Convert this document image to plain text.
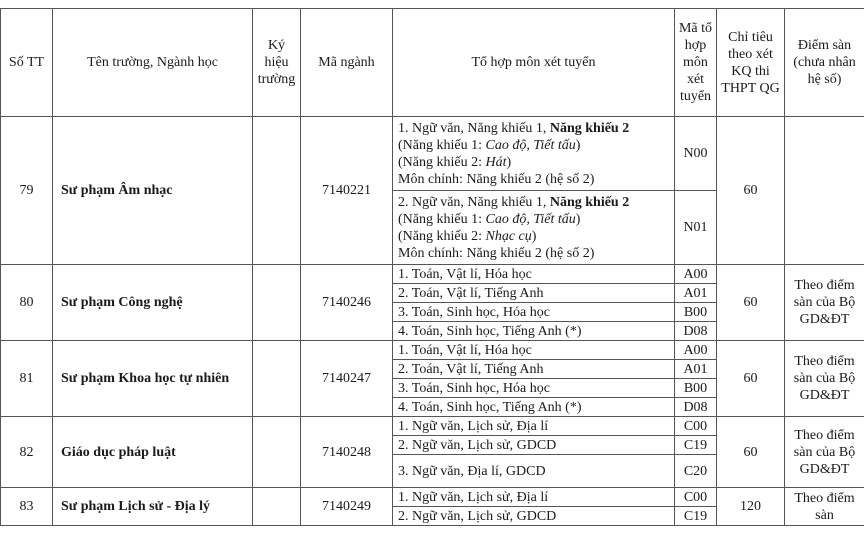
Số TT	Tên trường, Ngành học	Ký hiệu trường	Mã ngành	Tổ hợp môn xét tuyển	Mã tổ hợp môn xét tuyển	Chỉ tiêu theo xét KQ thi THPT QG	Điểm sàn (chưa nhân hệ số)
79	Sư phạm Âm nhạc		7140221	1. Ngữ văn, Năng khiếu 1, Năng khiếu 2
(Năng khiếu 1: Cao độ, Tiết tấu)
(Năng khiếu 2: Hát)
Môn chính: Năng khiếu 2 (hệ số 2)	N00	60	

				2. Ngữ văn, Năng khiếu 1, Năng khiếu 2
(Năng khiếu 1: Cao độ, Tiết tấu)
(Năng khiếu 2: Nhạc cụ)
Môn chính: Năng khiếu 2 (hệ số 2)	N01		
80	Sư phạm Công nghệ		7140246	1. Toán, Vật lí, Hóa học	A00	60	Theo điểm sàn của Bộ GD&ĐT
				2. Toán, Vật lí, Tiếng Anh	A01		
				3. Toán, Sinh học, Hóa học	B00		
				4. Toán, Sinh học, Tiếng Anh (*)	D08		
81	Sư phạm Khoa học tự nhiên		7140247	1. Toán, Vật lí, Hóa học	A00	60	Theo điểm sàn của Bộ GD&ĐT
				2. Toán, Vật lí, Tiếng Anh	A01		
				3. Toán, Sinh học, Hóa học	B00		
				4. Toán, Sinh học, Tiếng Anh (*)	D08		
82	Giáo dục pháp luật		7140248	1. Ngữ văn, Lịch sử, Địa lí	C00	60	Theo điểm sàn của Bộ GD&ĐT
				2. Ngữ văn, Lịch sử, GDCD	C19		
				3. Ngữ văn, Địa lí, GDCD	C20		
83	Sư phạm Lịch sử - Địa lý		7140249	1. Ngữ văn, Lịch sử, Địa lí	C00	120	Theo điểm sàn
				2. Ngữ văn, Lịch sử, GDCD	C19		
